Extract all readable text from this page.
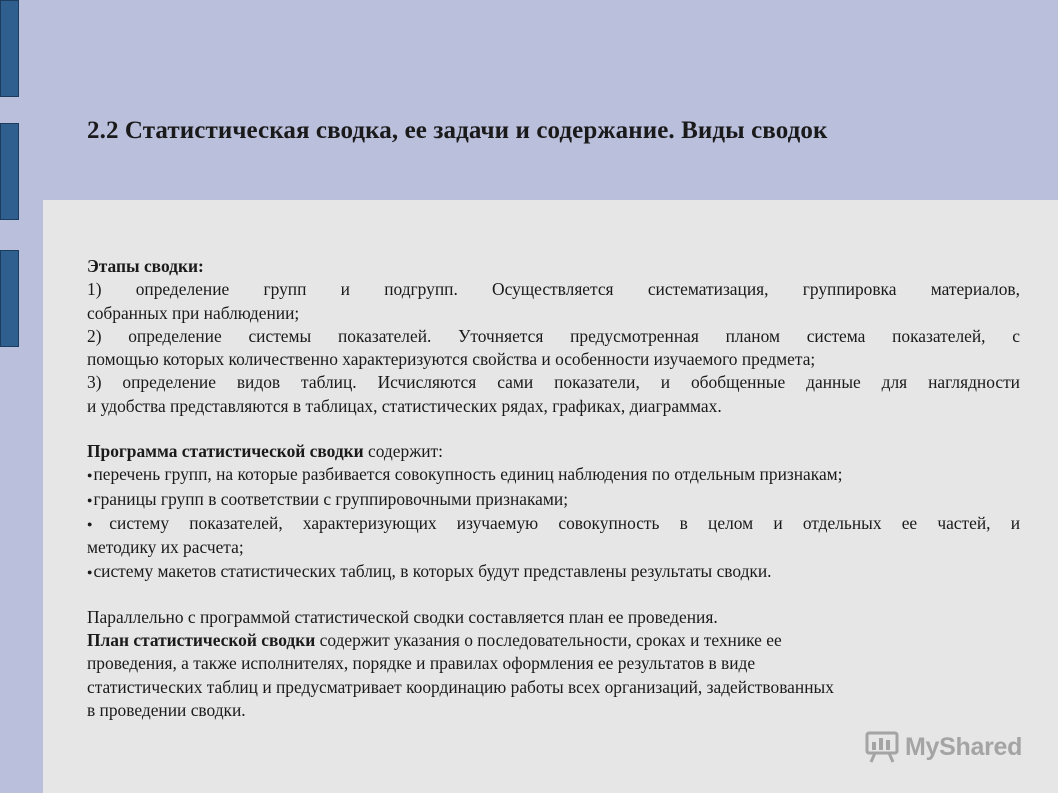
2.2 Статистическая сводка, ее задачи и содержание. Виды сводок

Этапы сводки:

1) определение групп и подгрупп. Осуществляется систематизация, группировка материалов,

собранных при наблюдении;

2) определение системы показателей. Уточняется предусмотренная планом система показателей, с

помощью которых количественно характеризуются свойства и особенности изучаемого предмета;

3) определение видов таблиц. Исчисляются сами показатели, и обобщенные данные для наглядности

и удобства представляются в таблицах, статистических рядах, графиках, диаграммах.

Программа статистической сводки содержит:

●перечень групп, на которые разбивается совокупность единиц наблюдения по отдельным признакам;

●границы групп в соответствии с группировочными признаками;

●систему показателей, характеризующих изучаемую совокупность в целом и отдельных ее частей, и

методику их расчета;

●систему макетов статистических таблиц, в которых будут представлены результаты сводки.

Параллельно с программой статистической сводки составляется план ее проведения.

План статистической сводки содержит указания о последовательности, сроках и технике ее

проведения, а также исполнителях, порядке и правилах оформления ее результатов в виде

статистических таблиц и предусматривает координацию работы всех организаций, задействованных

в проведении сводки.

MyShared
